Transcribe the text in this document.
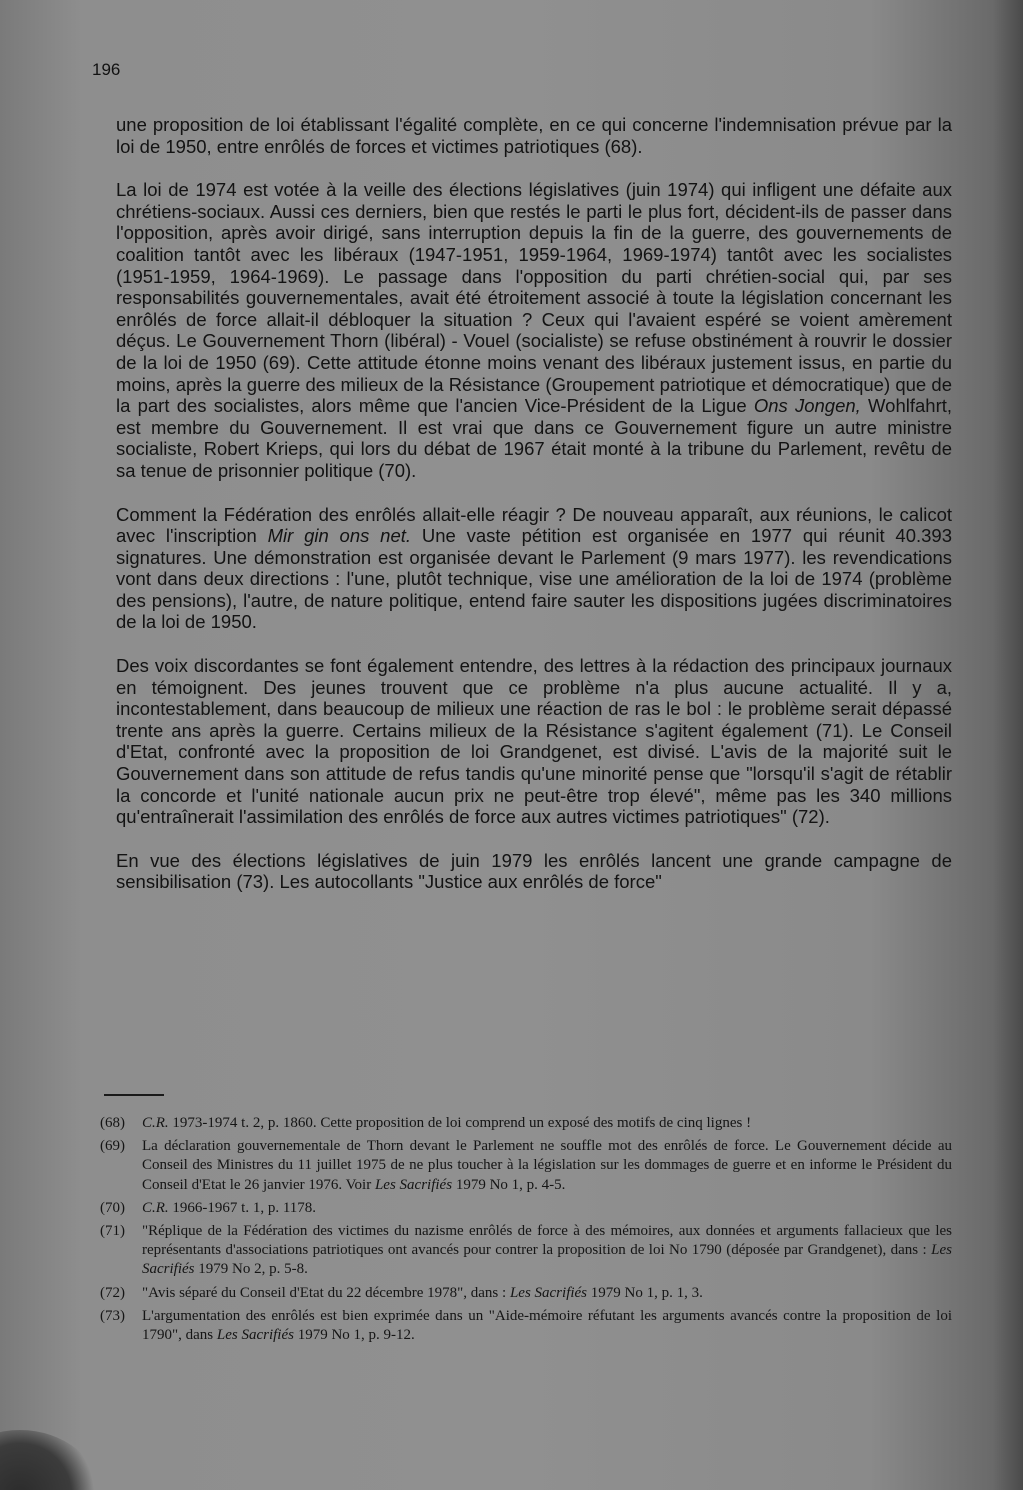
196

une proposition de loi établissant l'égalité complète, en ce qui concerne l'indemnisation prévue par la loi de 1950, entre enrôlés de forces et victimes patriotiques (68).

La loi de 1974 est votée à la veille des élections législatives (juin 1974) qui infligent une défaite aux chrétiens-sociaux. Aussi ces derniers, bien que restés le parti le plus fort, décident-ils de passer dans l'opposition, après avoir dirigé, sans interruption depuis la fin de la guerre, des gouvernements de coalition tantôt avec les libéraux (1947-1951, 1959-1964, 1969-1974) tantôt avec les socialistes (1951-1959, 1964-1969). Le passage dans l'opposition du parti chrétien-social qui, par ses responsabilités gouvernementales, avait été étroitement associé à toute la législation concernant les enrôlés de force allait-il débloquer la situation ? Ceux qui l'avaient espéré se voient amèrement déçus. Le Gouvernement Thorn (libéral) - Vouel (socialiste) se refuse obstinément à rouvrir le dossier de la loi de 1950 (69). Cette attitude étonne moins venant des libéraux justement issus, en partie du moins, après la guerre des milieux de la Résistance (Groupement patriotique et démocratique) que de la part des socialistes, alors même que l'ancien Vice-Président de la Ligue Ons Jongen, Wohlfahrt, est membre du Gouvernement. Il est vrai que dans ce Gouvernement figure un autre ministre socialiste, Robert Krieps, qui lors du débat de 1967 était monté à la tribune du Parlement, revêtu de sa tenue de prisonnier politique (70).

Comment la Fédération des enrôlés allait-elle réagir ? De nouveau apparaît, aux réunions, le calicot avec l'inscription Mir gin ons net. Une vaste pétition est organisée en 1977 qui réunit 40.393 signatures. Une démonstration est organisée devant le Parlement (9 mars 1977). les revendications vont dans deux directions : l'une, plutôt technique, vise une amélioration de la loi de 1974 (problème des pensions), l'autre, de nature politique, entend faire sauter les dispositions jugées discriminatoires de la loi de 1950.

Des voix discordantes se font également entendre, des lettres à la rédaction des principaux journaux en témoignent. Des jeunes trouvent que ce problème n'a plus aucune actualité. Il y a, incontestablement, dans beaucoup de milieux une réaction de ras le bol : le problème serait dépassé trente ans après la guerre. Certains milieux de la Résistance s'agitent également (71). Le Conseil d'Etat, confronté avec la proposition de loi Grandgenet, est divisé. L'avis de la majorité suit le Gouvernement dans son attitude de refus tandis qu'une minorité pense que "lorsqu'il s'agit de rétablir la concorde et l'unité nationale aucun prix ne peut-être trop élevé", même pas les 340 millions qu'entraînerait l'assimilation des enrôlés de force aux autres victimes patriotiques" (72).

En vue des élections législatives de juin 1979 les enrôlés lancent une grande campagne de sensibilisation (73). Les autocollants "Justice aux enrôlés de force"

(68)	C.R. 1973-1974 t. 2, p. 1860. Cette proposition de loi comprend un exposé des motifs de cinq lignes !
(69)	La déclaration gouvernementale de Thorn devant le Parlement ne souffle mot des enrôlés de force. Le Gouvernement décide au Conseil des Ministres du 11 juillet 1975 de ne plus toucher à la législation sur les dommages de guerre et en informe le Président du Conseil d'Etat le 26 janvier 1976. Voir Les Sacrifiés 1979 No 1, p. 4-5.
(70)	C.R. 1966-1967 t. 1, p. 1178.
(71)	"Réplique de la Fédération des victimes du nazisme enrôlés de force à des mémoires, aux données et arguments fallacieux que les représentants d'associations patriotiques ont avancés pour contrer la proposition de loi No 1790 (déposée par Grandgenet), dans : Les Sacrifiés 1979 No 2, p. 5-8.
(72)	"Avis séparé du Conseil d'Etat du 22 décembre 1978", dans : Les Sacrifiés 1979 No 1, p. 1, 3.
(73)	L'argumentation des enrôlés est bien exprimée dans un "Aide-mémoire réfutant les arguments avancés contre la proposition de loi 1790", dans Les Sacrifiés 1979 No 1, p. 9-12.
